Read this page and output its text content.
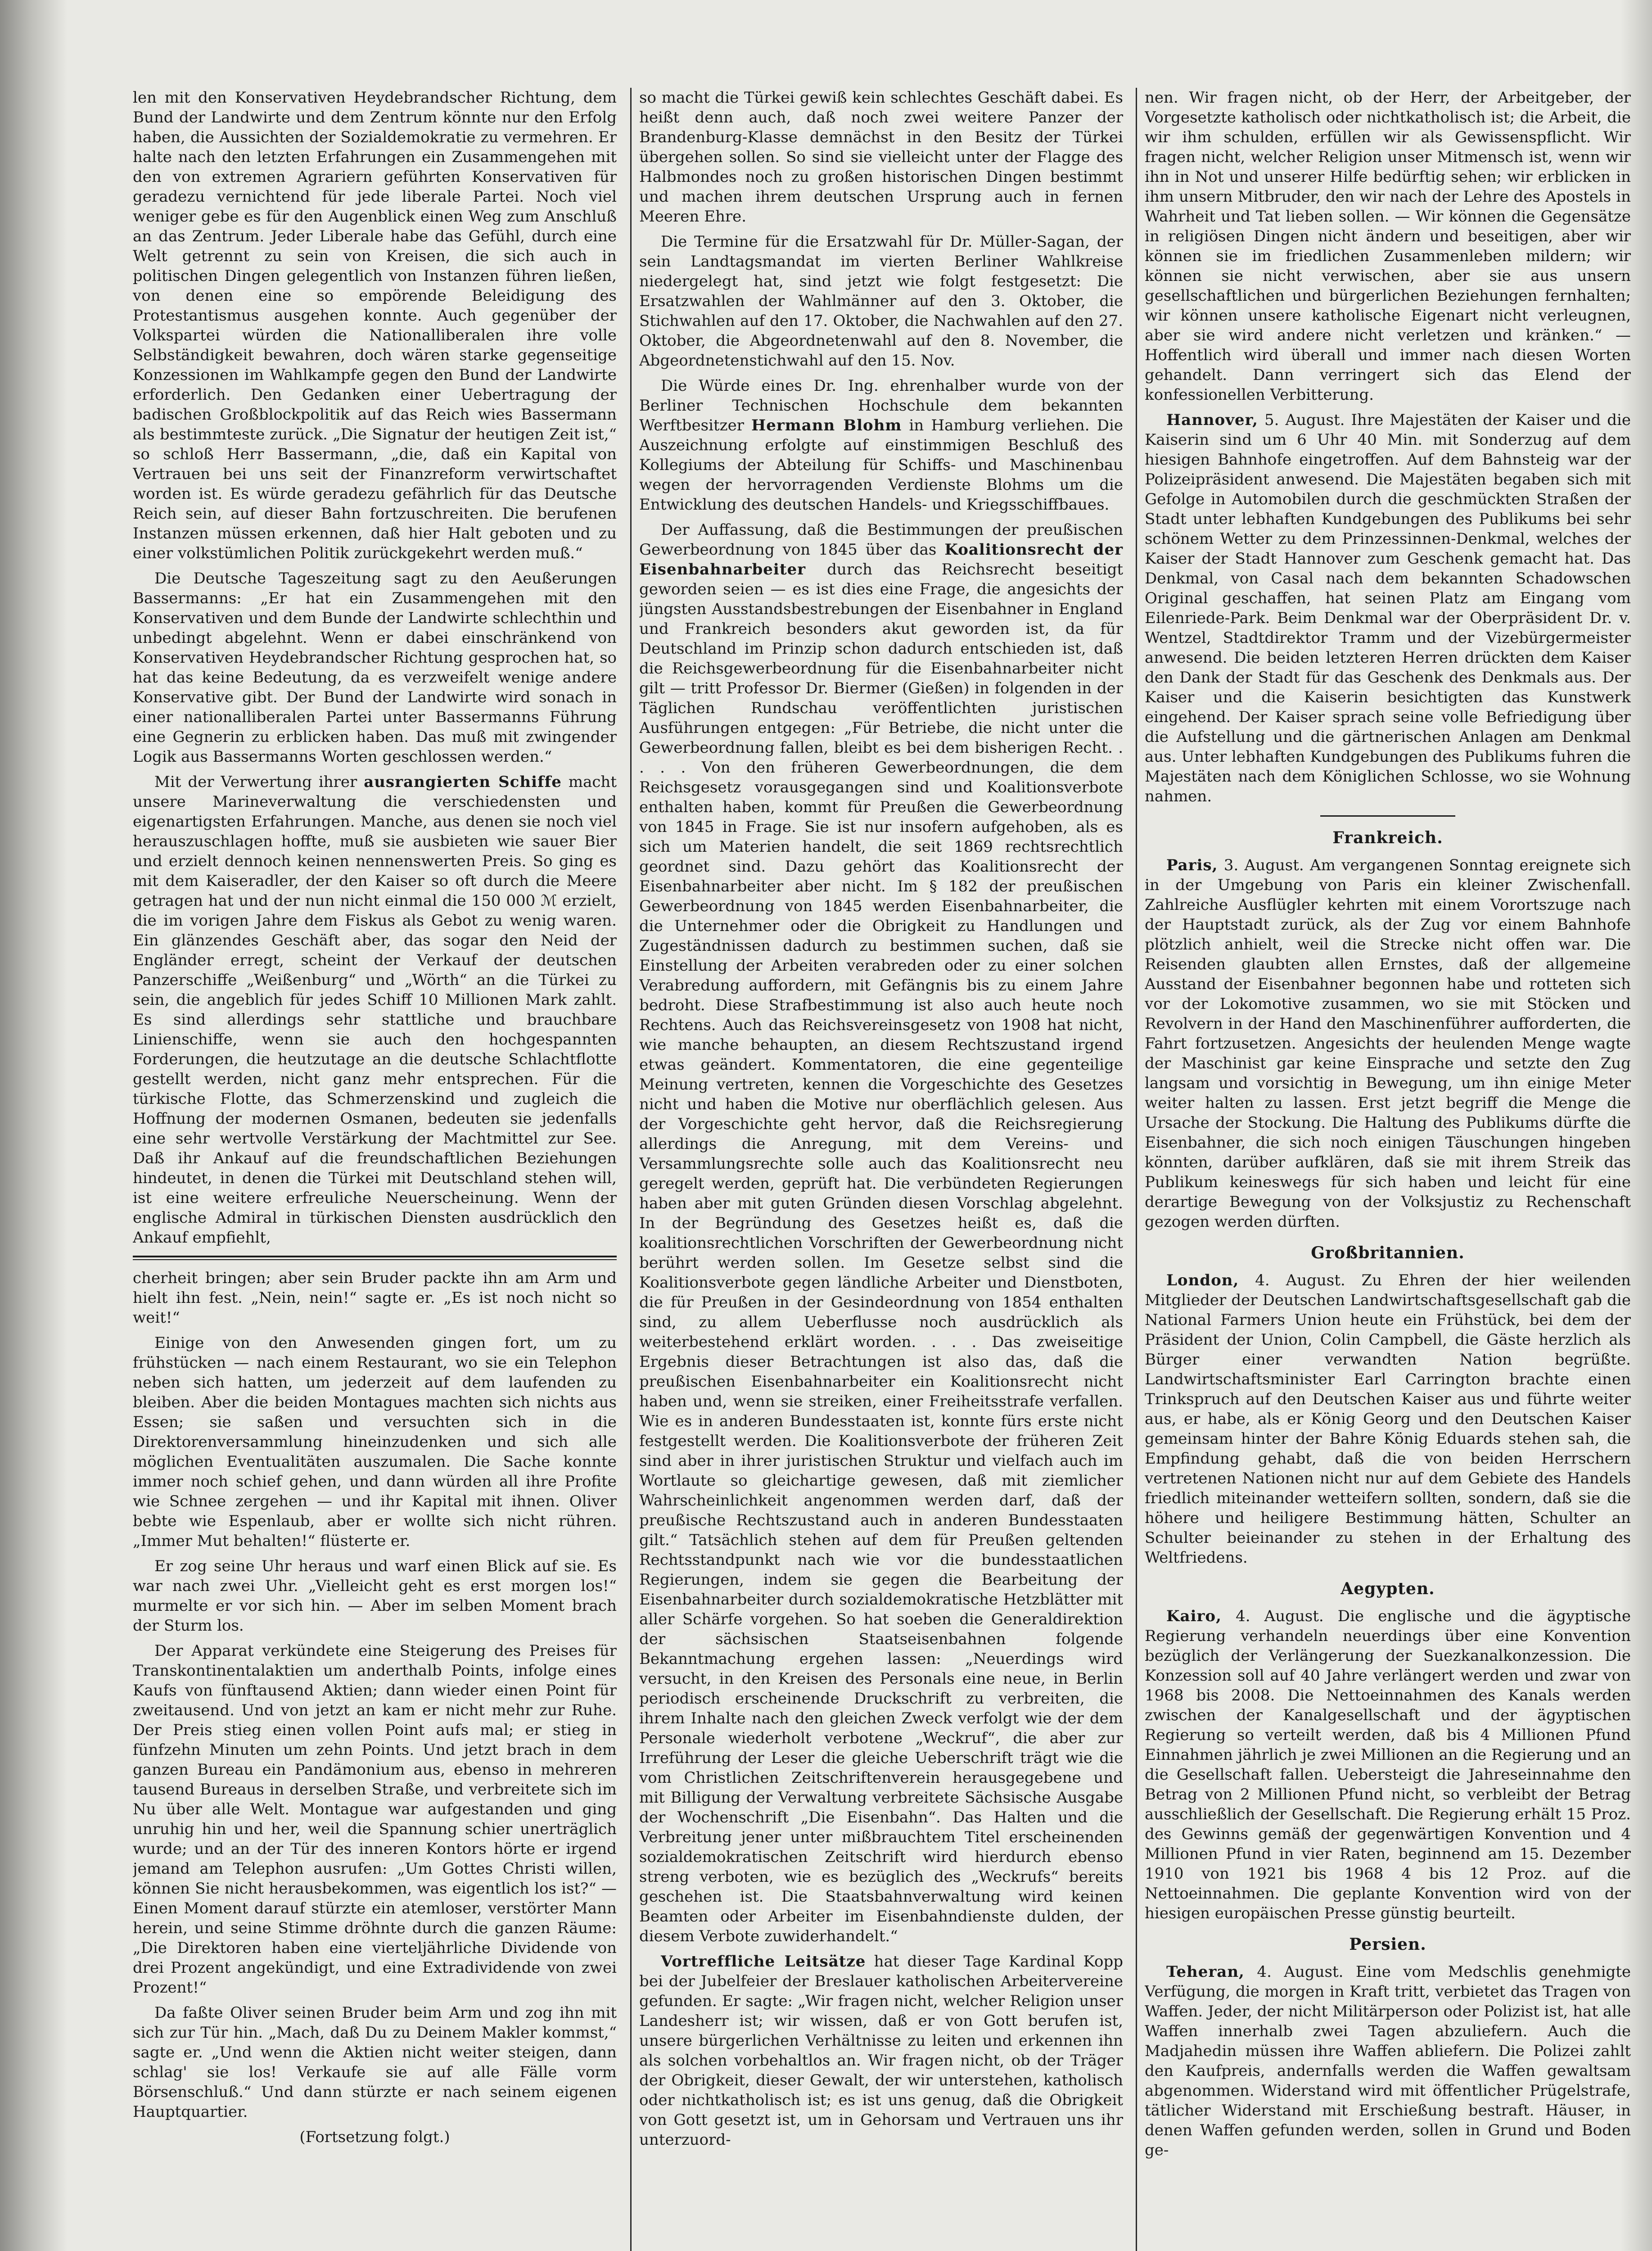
len mit den Konservativen Heydebrandscher Richtung, dem Bund der Landwirte und dem Zentrum könnte nur den Erfolg haben, die Aussichten der Sozialdemokratie zu vermehren. Er halte nach den letzten Erfahrungen ein Zusammengehen mit den von extremen Agrariern geführten Konservativen für geradezu vernichtend für jede liberale Partei. Noch viel weniger gebe es für den Augenblick einen Weg zum Anschluß an das Zentrum. Jeder Liberale habe das Gefühl, durch eine Welt getrennt zu sein von Kreisen, die sich auch in politischen Dingen gelegentlich von Instanzen führen ließen, von denen eine so empörende Beleidigung des Protestantismus ausgehen konnte. Auch gegenüber der Volkspartei würden die Nationalliberalen ihre volle Selbständigkeit bewahren, doch wären starke gegenseitige Konzessionen im Wahlkampfe gegen den Bund der Landwirte erforderlich. Den Gedanken einer Uebertragung der badischen Großblockpolitik auf das Reich wies Bassermann als bestimmteste zurück. „Die Signatur der heutigen Zeit ist,“ so schloß Herr Bassermann, „die, daß ein Kapital von Vertrauen bei uns seit der Finanzreform verwirtschaftet worden ist. Es würde geradezu gefährlich für das Deutsche Reich sein, auf dieser Bahn fortzuschreiten. Die berufenen Instanzen müssen erkennen, daß hier Halt geboten und zu einer volkstümlichen Politik zurückgekehrt werden muß.“

Die Deutsche Tageszeitung sagt zu den Aeußerungen Bassermanns: „Er hat ein Zusammengehen mit den Konservativen und dem Bunde der Landwirte schlechthin und unbedingt abgelehnt. Wenn er dabei einschränkend von Konservativen Heydebrandscher Richtung gesprochen hat, so hat das keine Bedeutung, da es verzweifelt wenige andere Konservative gibt. Der Bund der Landwirte wird sonach in einer nationalliberalen Partei unter Bassermanns Führung eine Gegnerin zu erblicken haben. Das muß mit zwingender Logik aus Bassermanns Worten geschlossen werden.“

Mit der Verwertung ihrer ausrangierten Schiffe macht unsere Marineverwaltung die verschiedensten und eigenartigsten Erfahrungen. Manche, aus denen sie noch viel herauszuschlagen hoffte, muß sie ausbieten wie sauer Bier und erzielt dennoch keinen nennenswerten Preis. So ging es mit dem Kaiseradler, der den Kaiser so oft durch die Meere getragen hat und der nun nicht einmal die 150 000 ℳ erzielt, die im vorigen Jahre dem Fiskus als Gebot zu wenig waren. Ein glänzendes Geschäft aber, das sogar den Neid der Engländer erregt, scheint der Verkauf der deutschen Panzerschiffe „Weißenburg“ und „Wörth“ an die Türkei zu sein, die angeblich für jedes Schiff 10 Millionen Mark zahlt. Es sind allerdings sehr stattliche und brauchbare Linienschiffe, wenn sie auch den hochgespannten Forderungen, die heutzutage an die deutsche Schlachtflotte gestellt werden, nicht ganz mehr entsprechen. Für die türkische Flotte, das Schmerzenskind und zugleich die Hoffnung der modernen Osmanen, bedeuten sie jedenfalls eine sehr wertvolle Verstärkung der Machtmittel zur See. Daß ihr Ankauf auf die freundschaftlichen Beziehungen hindeutet, in denen die Türkei mit Deutschland stehen will, ist eine weitere erfreuliche Neuerscheinung. Wenn der englische Admiral in türkischen Diensten ausdrücklich den Ankauf empfiehlt,

cherheit bringen; aber sein Bruder packte ihn am Arm und hielt ihn fest. „Nein, nein!“ sagte er. „Es ist noch nicht so weit!“

Einige von den Anwesenden gingen fort, um zu frühstücken — nach einem Restaurant, wo sie ein Telephon neben sich hatten, um jederzeit auf dem laufenden zu bleiben. Aber die beiden Montagues machten sich nichts aus Essen; sie saßen und versuchten sich in die Direktorenversammlung hineinzudenken und sich alle möglichen Eventualitäten auszumalen. Die Sache konnte immer noch schief gehen, und dann würden all ihre Profite wie Schnee zergehen — und ihr Kapital mit ihnen. Oliver bebte wie Espenlaub, aber er wollte sich nicht rühren. „Immer Mut behalten!“ flüsterte er.

Er zog seine Uhr heraus und warf einen Blick auf sie. Es war nach zwei Uhr. „Vielleicht geht es erst morgen los!“ murmelte er vor sich hin. — Aber im selben Moment brach der Sturm los.

Der Apparat verkündete eine Steigerung des Preises für Transkontinentalaktien um anderthalb Points, infolge eines Kaufs von fünftausend Aktien; dann wieder einen Point für zweitausend. Und von jetzt an kam er nicht mehr zur Ruhe. Der Preis stieg einen vollen Point aufs mal; er stieg in fünfzehn Minuten um zehn Points. Und jetzt brach in dem ganzen Bureau ein Pandämonium aus, ebenso in mehreren tausend Bureaus in derselben Straße, und verbreitete sich im Nu über alle Welt. Montague war aufgestanden und ging unruhig hin und her, weil die Spannung schier unerträglich wurde; und an der Tür des inneren Kontors hörte er irgend jemand am Telephon ausrufen: „Um Gottes Christi willen, können Sie nicht herausbekommen, was eigentlich los ist?“ — Einen Moment darauf stürzte ein atemloser, verstörter Mann herein, und seine Stimme dröhnte durch die ganzen Räume: „Die Direktoren haben eine vierteljährliche Dividende von drei Prozent angekündigt, und eine Extradividende von zwei Prozent!“

Da faßte Oliver seinen Bruder beim Arm und zog ihn mit sich zur Tür hin. „Mach, daß Du zu Deinem Makler kommst,“ sagte er. „Und wenn die Aktien nicht weiter steigen, dann schlag' sie los! Verkaufe sie auf alle Fälle vorm Börsenschluß.“ Und dann stürzte er nach seinem eigenen Hauptquartier.

(Fortsetzung folgt.)

so macht die Türkei gewiß kein schlechtes Geschäft dabei. Es heißt denn auch, daß noch zwei weitere Panzer der Brandenburg-Klasse demnächst in den Besitz der Türkei übergehen sollen. So sind sie vielleicht unter der Flagge des Halbmondes noch zu großen historischen Dingen bestimmt und machen ihrem deutschen Ursprung auch in fernen Meeren Ehre.

Die Termine für die Ersatzwahl für Dr. Müller-Sagan, der sein Landtagsmandat im vierten Berliner Wahlkreise niedergelegt hat, sind jetzt wie folgt festgesetzt: Die Ersatzwahlen der Wahlmänner auf den 3. Oktober, die Stichwahlen auf den 17. Oktober, die Nachwahlen auf den 27. Oktober, die Abgeordnetenwahl auf den 8. November, die Abgeordnetenstichwahl auf den 15. Nov.

Die Würde eines Dr. Ing. ehrenhalber wurde von der Berliner Technischen Hochschule dem bekannten Werftbesitzer Hermann Blohm in Hamburg verliehen. Die Auszeichnung erfolgte auf einstimmigen Beschluß des Kollegiums der Abteilung für Schiffs- und Maschinenbau wegen der hervorragenden Verdienste Blohms um die Entwicklung des deutschen Handels- und Kriegsschiffbaues.

Der Auffassung, daß die Bestimmungen der preußischen Gewerbeordnung von 1845 über das Koalitionsrecht der Eisenbahnarbeiter durch das Reichsrecht beseitigt geworden seien — es ist dies eine Frage, die angesichts der jüngsten Ausstandsbestrebungen der Eisenbahner in England und Frankreich besonders akut geworden ist, da für Deutschland im Prinzip schon dadurch entschieden ist, daß die Reichsgewerbeordnung für die Eisenbahnarbeiter nicht gilt — tritt Professor Dr. Biermer (Gießen) in folgenden in der Täglichen Rundschau veröffentlichten juristischen Ausführungen entgegen: „Für Betriebe, die nicht unter die Gewerbeordnung fallen, bleibt es bei dem bisherigen Recht. . . . . Von den früheren Gewerbeordnungen, die dem Reichsgesetz vorausgegangen sind und Koalitionsverbote enthalten haben, kommt für Preußen die Gewerbeordnung von 1845 in Frage. Sie ist nur insofern aufgehoben, als es sich um Materien handelt, die seit 1869 rechtsrechtlich geordnet sind. Dazu gehört das Koalitionsrecht der Eisenbahnarbeiter aber nicht. Im § 182 der preußischen Gewerbeordnung von 1845 werden Eisenbahnarbeiter, die die Unternehmer oder die Obrigkeit zu Handlungen und Zugeständnissen dadurch zu bestimmen suchen, daß sie Einstellung der Arbeiten verabreden oder zu einer solchen Verabredung auffordern, mit Gefängnis bis zu einem Jahre bedroht. Diese Strafbestimmung ist also auch heute noch Rechtens. Auch das Reichsvereinsgesetz von 1908 hat nicht, wie manche behaupten, an diesem Rechtszustand irgend etwas geändert. Kommentatoren, die eine gegenteilige Meinung vertreten, kennen die Vorgeschichte des Gesetzes nicht und haben die Motive nur oberflächlich gelesen. Aus der Vorgeschichte geht hervor, daß die Reichsregierung allerdings die Anregung, mit dem Vereins- und Versammlungsrechte solle auch das Koalitionsrecht neu geregelt werden, geprüft hat. Die verbündeten Regierungen haben aber mit guten Gründen diesen Vorschlag abgelehnt. In der Begründung des Gesetzes heißt es, daß die koalitionsrechtlichen Vorschriften der Gewerbeordnung nicht berührt werden sollen. Im Gesetze selbst sind die Koalitionsverbote gegen ländliche Arbeiter und Dienstboten, die für Preußen in der Gesindeordnung von 1854 enthalten sind, zu allem Ueberflusse noch ausdrücklich als weiterbestehend erklärt worden. . . . Das zweiseitige Ergebnis dieser Betrachtungen ist also das, daß die preußischen Eisenbahnarbeiter ein Koalitionsrecht nicht haben und, wenn sie streiken, einer Freiheitsstrafe verfallen. Wie es in anderen Bundesstaaten ist, konnte fürs erste nicht festgestellt werden. Die Koalitionsverbote der früheren Zeit sind aber in ihrer juristischen Struktur und vielfach auch im Wortlaute so gleichartige gewesen, daß mit ziemlicher Wahrscheinlichkeit angenommen werden darf, daß der preußische Rechtszustand auch in anderen Bundesstaaten gilt.“ Tatsächlich stehen auf dem für Preußen geltenden Rechtsstandpunkt nach wie vor die bundesstaatlichen Regierungen, indem sie gegen die Bearbeitung der Eisenbahnarbeiter durch sozialdemokratische Hetzblätter mit aller Schärfe vorgehen. So hat soeben die Generaldirektion der sächsischen Staatseisenbahnen folgende Bekanntmachung ergehen lassen: „Neuerdings wird versucht, in den Kreisen des Personals eine neue, in Berlin periodisch erscheinende Druckschrift zu verbreiten, die ihrem Inhalte nach den gleichen Zweck verfolgt wie der dem Personale wiederholt verbotene „Weckruf“, die aber zur Irreführung der Leser die gleiche Ueberschrift trägt wie die vom Christlichen Zeitschriftenverein herausgegebene und mit Billigung der Verwaltung verbreitete Sächsische Ausgabe der Wochenschrift „Die Eisenbahn“. Das Halten und die Verbreitung jener unter mißbrauchtem Titel erscheinenden sozialdemokratischen Zeitschrift wird hierdurch ebenso streng verboten, wie es bezüglich des „Weckrufs“ bereits geschehen ist. Die Staatsbahnverwaltung wird keinen Beamten oder Arbeiter im Eisenbahndienste dulden, der diesem Verbote zuwiderhandelt.“

Vortreffliche Leitsätze hat dieser Tage Kardinal Kopp bei der Jubelfeier der Breslauer katholischen Arbeitervereine gefunden. Er sagte: „Wir fragen nicht, welcher Religion unser Landesherr ist; wir wissen, daß er von Gott berufen ist, unsere bürgerlichen Verhältnisse zu leiten und erkennen ihn als solchen vorbehaltlos an. Wir fragen nicht, ob der Träger der Obrigkeit, dieser Gewalt, der wir unterstehen, katholisch oder nichtkatholisch ist; es ist uns genug, daß die Obrigkeit von Gott gesetzt ist, um in Gehorsam und Vertrauen uns ihr unterzuord-

nen. Wir fragen nicht, ob der Herr, der Arbeitgeber, der Vorgesetzte katholisch oder nichtkatholisch ist; die Arbeit, die wir ihm schulden, erfüllen wir als Gewissenspflicht. Wir fragen nicht, welcher Religion unser Mitmensch ist, wenn wir ihn in Not und unserer Hilfe bedürftig sehen; wir erblicken in ihm unsern Mitbruder, den wir nach der Lehre des Apostels in Wahrheit und Tat lieben sollen. — Wir können die Gegensätze in religiösen Dingen nicht ändern und beseitigen, aber wir können sie im friedlichen Zusammenleben mildern; wir können sie nicht verwischen, aber sie aus unsern gesellschaftlichen und bürgerlichen Beziehungen fernhalten; wir können unsere katholische Eigenart nicht verleugnen, aber sie wird andere nicht verletzen und kränken.“ — Hoffentlich wird überall und immer nach diesen Worten gehandelt. Dann verringert sich das Elend der konfessionellen Verbitterung.

Hannover, 5. August. Ihre Majestäten der Kaiser und die Kaiserin sind um 6 Uhr 40 Min. mit Sonderzug auf dem hiesigen Bahnhofe eingetroffen. Auf dem Bahnsteig war der Polizeipräsident anwesend. Die Majestäten begaben sich mit Gefolge in Automobilen durch die geschmückten Straßen der Stadt unter lebhaften Kundgebungen des Publikums bei sehr schönem Wetter zu dem Prinzessinnen-Denkmal, welches der Kaiser der Stadt Hannover zum Geschenk gemacht hat. Das Denkmal, von Casal nach dem bekannten Schadowschen Original geschaffen, hat seinen Platz am Eingang vom Eilenriede-Park. Beim Denkmal war der Oberpräsident Dr. v. Wentzel, Stadtdirektor Tramm und der Vizebürgermeister anwesend. Die beiden letzteren Herren drückten dem Kaiser den Dank der Stadt für das Geschenk des Denkmals aus. Der Kaiser und die Kaiserin besichtigten das Kunstwerk eingehend. Der Kaiser sprach seine volle Befriedigung über die Aufstellung und die gärtnerischen Anlagen am Denkmal aus. Unter lebhaften Kundgebungen des Publikums fuhren die Majestäten nach dem Königlichen Schlosse, wo sie Wohnung nahmen.

Frankreich.

Paris, 3. August. Am vergangenen Sonntag ereignete sich in der Umgebung von Paris ein kleiner Zwischenfall. Zahlreiche Ausflügler kehrten mit einem Vorortszuge nach der Hauptstadt zurück, als der Zug vor einem Bahnhofe plötzlich anhielt, weil die Strecke nicht offen war. Die Reisenden glaubten allen Ernstes, daß der allgemeine Ausstand der Eisenbahner begonnen habe und rotteten sich vor der Lokomotive zusammen, wo sie mit Stöcken und Revolvern in der Hand den Maschinenführer aufforderten, die Fahrt fortzusetzen. Angesichts der heulenden Menge wagte der Maschinist gar keine Einsprache und setzte den Zug langsam und vorsichtig in Bewegung, um ihn einige Meter weiter halten zu lassen. Erst jetzt begriff die Menge die Ursache der Stockung. Die Haltung des Publikums dürfte die Eisenbahner, die sich noch einigen Täuschungen hingeben könnten, darüber aufklären, daß sie mit ihrem Streik das Publikum keineswegs für sich haben und leicht für eine derartige Bewegung von der Volksjustiz zu Rechenschaft gezogen werden dürften.

Großbritannien.

London, 4. August. Zu Ehren der hier weilenden Mitglieder der Deutschen Landwirtschaftsgesellschaft gab die National Farmers Union heute ein Frühstück, bei dem der Präsident der Union, Colin Campbell, die Gäste herzlich als Bürger einer verwandten Nation begrüßte. Landwirtschaftsminister Earl Carrington brachte einen Trinkspruch auf den Deutschen Kaiser aus und führte weiter aus, er habe, als er König Georg und den Deutschen Kaiser gemeinsam hinter der Bahre König Eduards stehen sah, die Empfindung gehabt, daß die von beiden Herrschern vertretenen Nationen nicht nur auf dem Gebiete des Handels friedlich miteinander wetteifern sollten, sondern, daß sie die höhere und heiligere Bestimmung hätten, Schulter an Schulter beieinander zu stehen in der Erhaltung des Weltfriedens.

Aegypten.

Kairo, 4. August. Die englische und die ägyptische Regierung verhandeln neuerdings über eine Konvention bezüglich der Verlängerung der Suezkanalkonzession. Die Konzession soll auf 40 Jahre verlängert werden und zwar von 1968 bis 2008. Die Nettoeinnahmen des Kanals werden zwischen der Kanalgesellschaft und der ägyptischen Regierung so verteilt werden, daß bis 4 Millionen Pfund Einnahmen jährlich je zwei Millionen an die Regierung und an die Gesellschaft fallen. Uebersteigt die Jahreseinnahme den Betrag von 2 Millionen Pfund nicht, so verbleibt der Betrag ausschließlich der Gesellschaft. Die Regierung erhält 15 Proz. des Gewinns gemäß der gegenwärtigen Konvention und 4 Millionen Pfund in vier Raten, beginnend am 15. Dezember 1910 von 1921 bis 1968 4 bis 12 Proz. auf die Nettoeinnahmen. Die geplante Konvention wird von der hiesigen europäischen Presse günstig beurteilt.

Persien.

Teheran, 4. August. Eine vom Medschlis genehmigte Verfügung, die morgen in Kraft tritt, verbietet das Tragen von Waffen. Jeder, der nicht Militärperson oder Polizist ist, hat alle Waffen innerhalb zwei Tagen abzuliefern. Auch die Madjahedin müssen ihre Waffen abliefern. Die Polizei zahlt den Kaufpreis, andernfalls werden die Waffen gewaltsam abgenommen. Widerstand wird mit öffentlicher Prügelstrafe, tätlicher Widerstand mit Erschießung bestraft. Häuser, in denen Waffen gefunden werden, sollen in Grund und Boden ge-
